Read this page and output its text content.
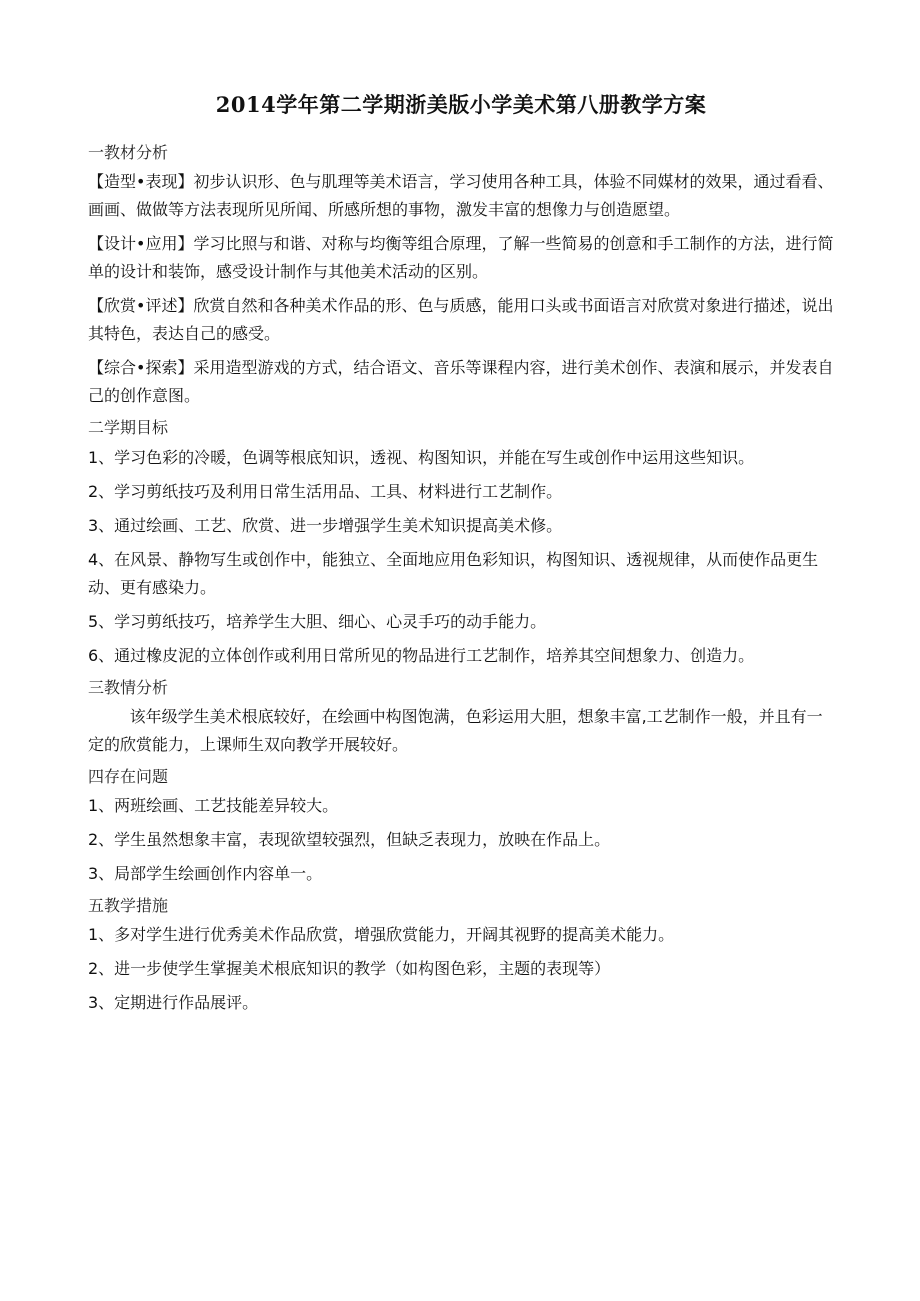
2014学年第二学期浙美版小学美术第八册教学方案
一教材分析

【造型•表现】初步认识形、色与肌理等美术语言，学习使用各种工具，体验不同媒材的效果，通过看看、画画、做做等方法表现所见所闻、所感所想的事物，激发丰富的想像力与创造愿望。

【设计•应用】学习比照与和谐、对称与均衡等组合原理，了解一些简易的创意和手工制作的方法，进行简单的设计和装饰，感受设计制作与其他美术活动的区别。

【欣赏•评述】欣赏自然和各种美术作品的形、色与质感，能用口头或书面语言对欣赏对象进行描述，说出其特色，表达自己的感受。

【综合•探索】采用造型游戏的方式，结合语文、音乐等课程内容，进行美术创作、表演和展示，并发表自己的创作意图。

二学期目标

1、学习色彩的冷暖，色调等根底知识，透视、构图知识，并能在写生或创作中运用这些知识。

2、学习剪纸技巧及利用日常生活用品、工具、材料进行工艺制作。

3、通过绘画、工艺、欣赏、进一步增强学生美术知识提高美术修。

4、在风景、静物写生或创作中，能独立、全面地应用色彩知识，构图知识、透视规律，从而使作品更生动、更有感染力。

5、学习剪纸技巧，培养学生大胆、细心、心灵手巧的动手能力。

6、通过橡皮泥的立体创作或利用日常所见的物品进行工艺制作，培养其空间想象力、创造力。

三教情分析

该年级学生美术根底较好，在绘画中构图饱满，色彩运用大胆，想象丰富,工艺制作一般，并且有一定的欣赏能力，上课师生双向教学开展较好。

四存在问题

1、两班绘画、工艺技能差异较大。

2、学生虽然想象丰富，表现欲望较强烈，但缺乏表现力，放映在作品上。

3、局部学生绘画创作内容单一。

五教学措施

1、多对学生进行优秀美术作品欣赏，增强欣赏能力，开阔其视野的提高美术能力。

2、进一步使学生掌握美术根底知识的教学（如构图色彩，主题的表现等）

3、定期进行作品展评。
